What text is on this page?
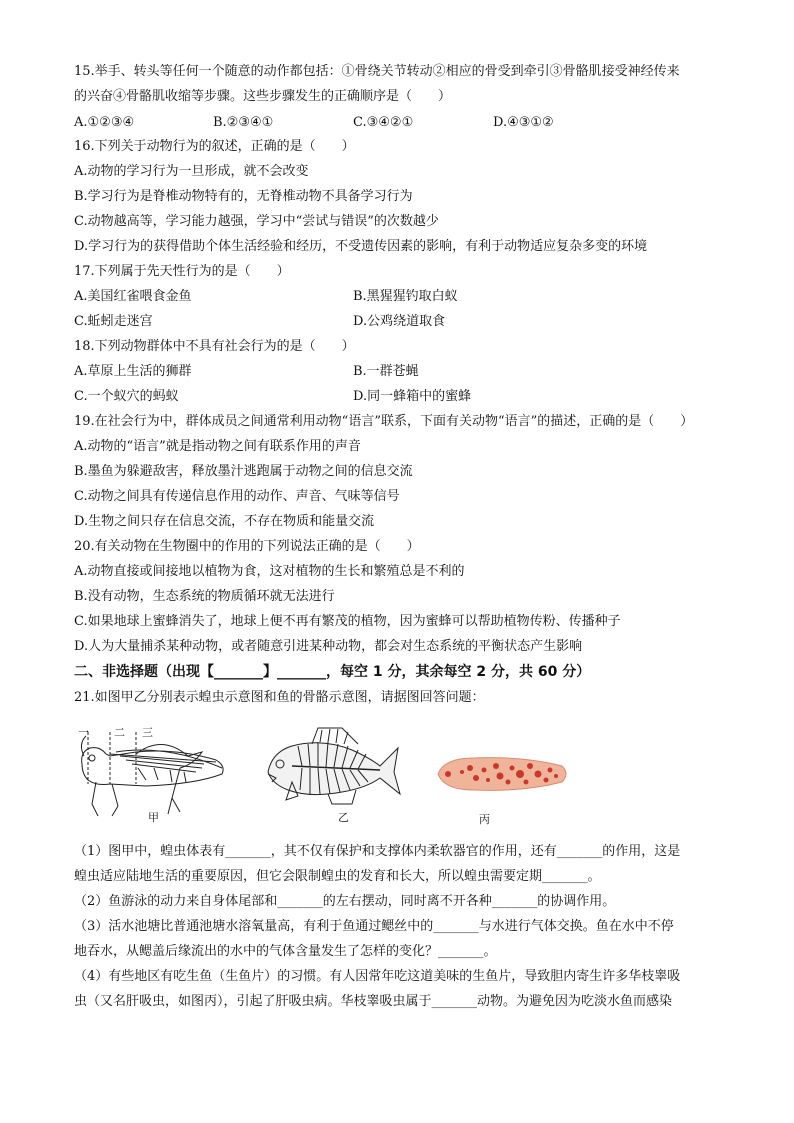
15.举手、转头等任何一个随意的动作都包括：①骨绕关节转动②相应的骨受到牵引③骨骼肌接受神经传来
的兴奋④骨骼肌收缩等步骤。这些步骤发生的正确顺序是（　　）
A.①②③④	B.②③④①	C.③④②①	D.④③①②
16.下列关于动物行为的叙述，正确的是（　　）
A.动物的学习行为一旦形成，就不会改变
B.学习行为是脊椎动物特有的，无脊椎动物不具备学习行为
C.动物越高等，学习能力越强，学习中“尝试与错误”的次数越少
D.学习行为的获得借助个体生活经验和经历，不受遗传因素的影响，有利于动物适应复杂多变的环境
17.下列属于先天性行为的是（　　）
A.美国红雀喂食金鱼	B.黑猩猩钓取白蚁
C.蚯蚓走迷宫	D.公鸡绕道取食
18.下列动物群体中不具有社会行为的是（　　）
A.草原上生活的狮群	B.一群苍蝇
C.一个蚁穴的蚂蚁	D.同一蜂箱中的蜜蜂
19.在社会行为中，群体成员之间通常利用动物“语言”联系，下面有关动物“语言”的描述，正确的是（　　）
A.动物的“语言”就是指动物之间有联系作用的声音
B.墨鱼为躲避敌害，释放墨汁逃跑属于动物之间的信息交流
C.动物之间具有传递信息作用的动作、声音、气味等信号
D.生物之间只存在信息交流，不存在物质和能量交流
20.有关动物在生物圈中的作用的下列说法正确的是（　　）
A.动物直接或间接地以植物为食，这对植物的生长和繁殖总是不利的
B.没有动物，生态系统的物质循环就无法进行
C.如果地球上蜜蜂消失了，地球上便不再有繁茂的植物，因为蜜蜂可以帮助植物传粉、传播种子
D.人为大量捕杀某种动物，或者随意引进某种动物，都会对生态系统的平衡状态产生影响
二、非选择题（出现【_______】_______，每空 1 分，其余每空 2 分，共 60 分）
21.如图甲乙分别表示蝗虫示意图和鱼的骨骼示意图，请据图回答问题：
一 二 三
甲	乙	丙
（1）图甲中，蝗虫体表有_______，其不仅有保护和支撑体内柔软器官的作用，还有_______的作用，这是
蝗虫适应陆地生活的重要原因，但它会限制蝗虫的发育和长大，所以蝗虫需要定期_______。
（2）鱼游泳的动力来自身体尾部和_______的左右摆动，同时离不开各种_______的协调作用。
（3）活水池塘比普通池塘水溶氧量高，有利于鱼通过鳃丝中的_______与水进行气体交换。鱼在水中不停
地吞水，从鳃盖后缘流出的水中的气体含量发生了怎样的变化？_______。
（4）有些地区有吃生鱼（生鱼片）的习惯。有人因常年吃这道美味的生鱼片，导致胆内寄生许多华枝睾吸
虫（又名肝吸虫，如图丙），引起了肝吸虫病。华枝睾吸虫属于_______动物。为避免因为吃淡水鱼而感染
